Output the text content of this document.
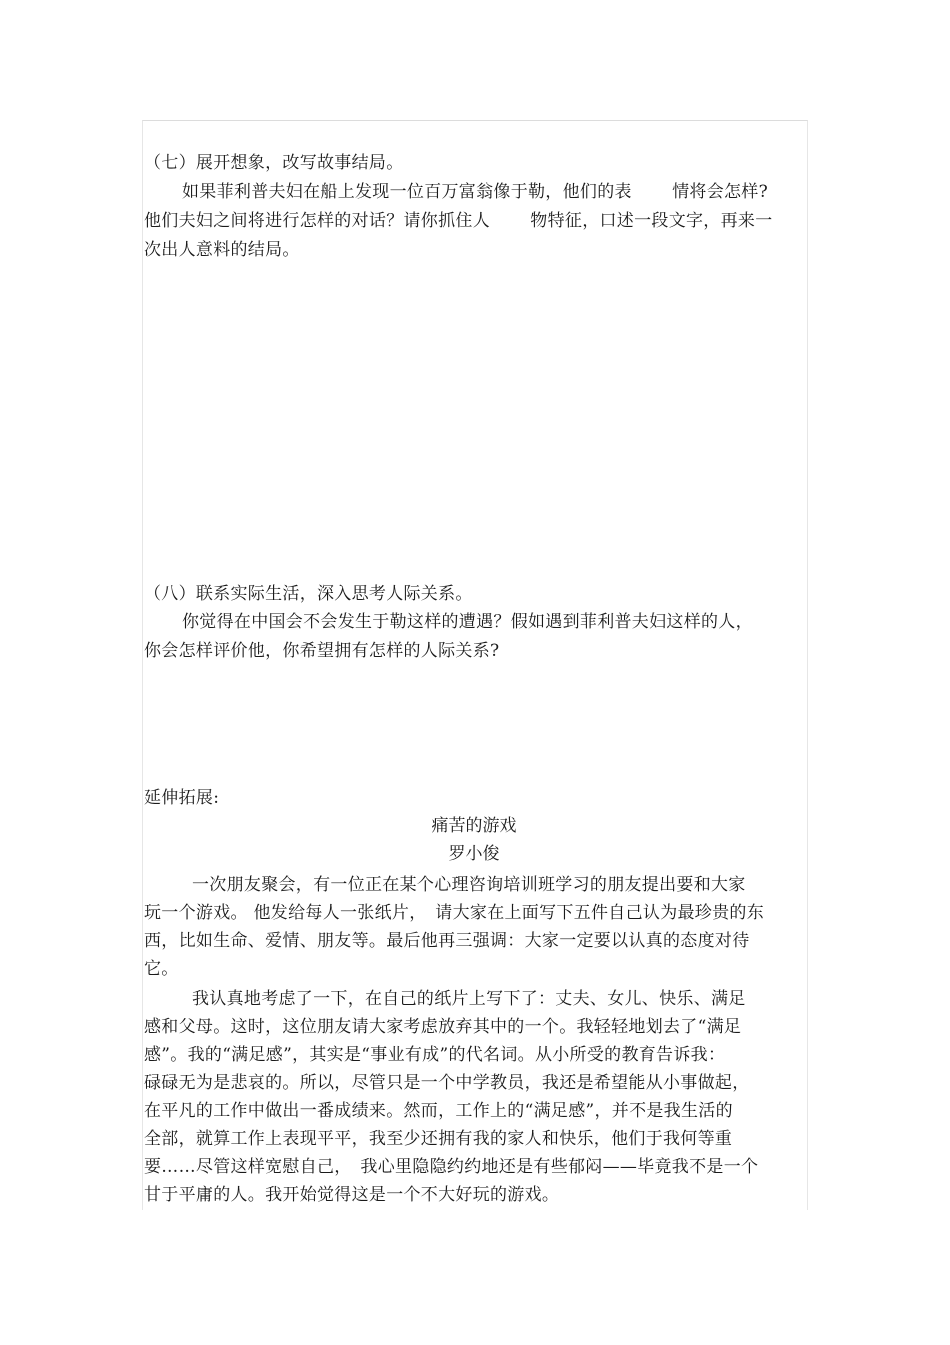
（七）展开想象，改写故事结局。
如果菲利普夫妇在船上发现一位百万富翁像于勒，他们的表　　 情将会怎样?
他们夫妇之间将进行怎样的对话？请你抓住人　　 物特征，口述一段文字，再来一
次出人意料的结局。
（八）联系实际生活，深入思考人际关系。
你觉得在中国会不会发生于勒这样的遭遇？假如遇到菲利普夫妇这样的人，
你会怎样评价他，你希望拥有怎样的人际关系?
延伸拓展:
痛苦的游戏
罗小俊
一次朋友聚会，有一位正在某个心理咨询培训班学习的朋友提出要和大家
玩一个游戏。 他发给每人一张纸片，　请大家在上面写下五件自己认为最珍贵的东
西，比如生命、爱情、朋友等。最后他再三强调：大家一定要以认真的态度对待
它。
我认真地考虑了一下，在自己的纸片上写下了：丈夫、女儿、快乐、满足
感和父母。这时，这位朋友请大家考虑放弃其中的一个。我轻轻地划去了“满足
感”。我的“满足感”，其实是“事业有成”的代名词。从小所受的教育告诉我：
碌碌无为是悲哀的。所以，尽管只是一个中学教员，我还是希望能从小事做起，
在平凡的工作中做出一番成绩来。然而，工作上的“满足感”，并不是我生活的
全部，就算工作上表现平平，我至少还拥有我的家人和快乐，他们于我何等重
要……尽管这样宽慰自己，　我心里隐隐约约地还是有些郁闷——毕竟我不是一个
甘于平庸的人。我开始觉得这是一个不大好玩的游戏。
